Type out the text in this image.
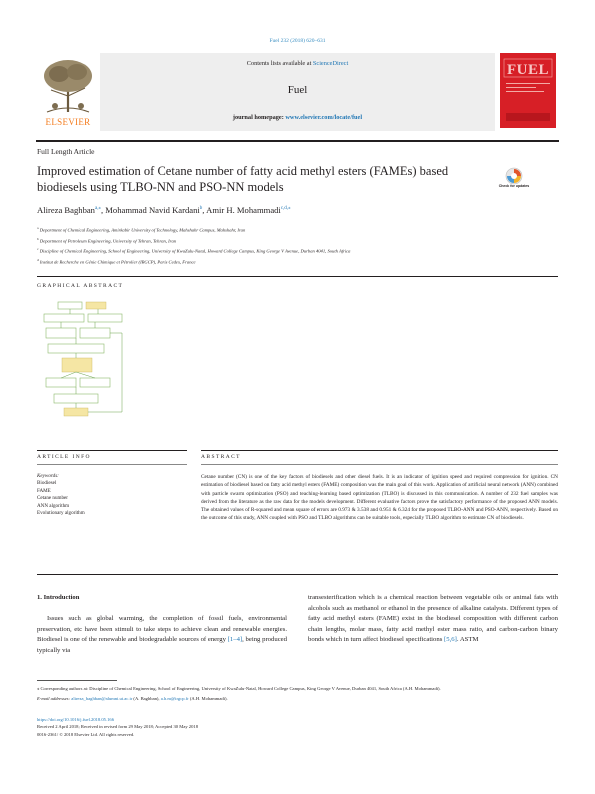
Fuel 232 (2018) 620–631
ELSEVIER
Contents lists available at ScienceDirect
Fuel
journal homepage: www.elsevier.com/locate/fuel
FUEL
Full Length Article
Improved estimation of Cetane number of fatty acid methyl esters (FAMEs) based biodiesels using TLBO-NN and PSO-NN models	Check for updates
Alireza Baghban$^{a,⁎}$, Mohammad Navid Kardani$^b$, Amir H. Mohammadi$^{c,d,⁎}$
$^a$ Department of Chemical Engineering, Amirkabir University of Technology, Mahshahr Campus, Mahshahr, Iran
$^b$ Department of Petroleum Engineering, University of Tehran, Tehran, Iran
$^c$ Discipline of Chemical Engineering, School of Engineering, University of KwaZulu-Natal, Howard College Campus, King George V Avenue, Durban 4041, South Africa
$^d$ Institut de Recherche en Génie Chimique et Pétrolier (IRGCP), Paris Cedex, France
GRAPHICAL ABSTRACT
ARTICLE INFO	ABSTRACT
Keywords:
Biodiesel
FAME
Cetane number
ANN algorithm
Evolutionary algorithm
Cetane number (CN) is one of the key factors of biodiesels and other diesel fuels. It is an indicator of ignition speed and required compression for ignition. CN estimation of biodiesel based on fatty acid methyl esters (FAME) composition was the main goal of this work. Application of artificial neural network (ANN) combined with particle swarm optimization (PSO) and teaching-learning based optimization (TLBO) is discussed in this communication. A number of 232 fuel samples was derived from the literature as the raw data for the models development. Different evaluative factors prove the satisfactory performance of the proposed ANN models. The obtained values of R-squared and mean square of errors are 0.973 & 3.538 and 0.951 & 6.324 for the proposed TLBO-ANN and PSO-ANN, respectively. Based on the outcome of this study, ANN coupled with PSO and TLBO algorithms can be suitable tools, especially TLBO algorithm to estimate CN of biodiesels.
1. Introduction
Issues such as global warming, the completion of fossil fuels, environmental preservation, etc have been stimuli to take steps to achieve clean and renewable energies. Biodiesel is one of the renewable and biodegradable sources of energy [1–4], being produced typically via
transesterification which is a chemical reaction between vegetable oils or animal fats with alcohols such as methanol or ethanol in the presence of alkaline catalysts. Different types of fatty acid methyl esters (FAME) exist in the biodiesel composition with different carbon chain lengths, molar mass, fatty acid methyl ester mass ratio, and carbon-carbon binary bonds which in turn affect biodiesel specifications [5,6]. ASTM
⁎ Corresponding authors at: Discipline of Chemical Engineering, School of Engineering, University of KwaZulu-Natal, Howard College Campus, King George V Avenue, Durban 4041, South Africa (A.H. Mohammadi).
E-mail addresses: alireza_baghban@alumni.ut.ac.ir (A. Baghban), a.h.m@irgcp.fr (A.H. Mohammadi).
https://doi.org/10.1016/j.fuel.2018.05.166
Received 2 April 2018; Received in revised form 29 May 2018; Accepted 30 May 2018
0016-2361/ © 2018 Elsevier Ltd. All rights reserved.
